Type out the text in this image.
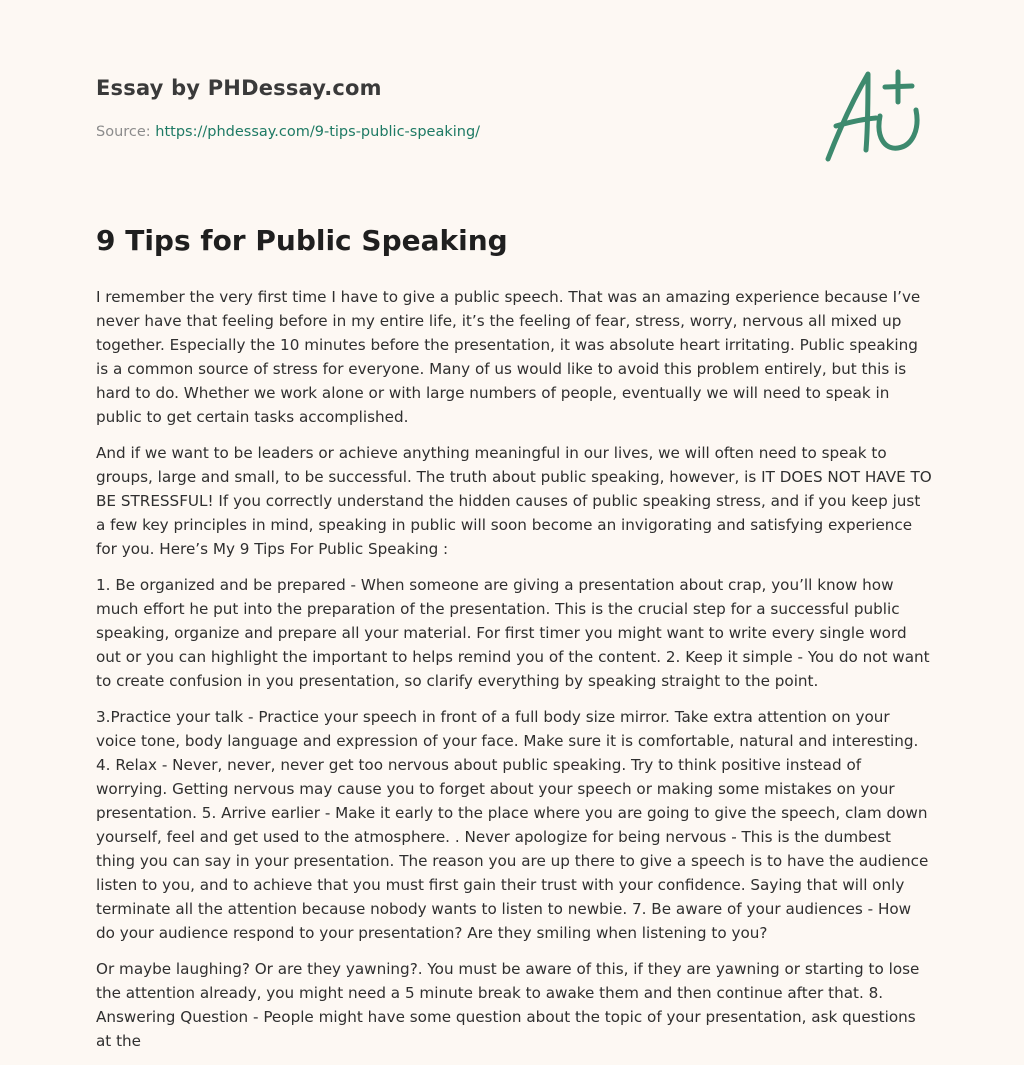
Essay by PHDessay.com
Source: https://phdessay.com/9-tips-public-speaking/
9 Tips for Public Speaking

I remember the very first time I have to give a public speech. That was an amazing experience because I’ve never have that feeling before in my entire life, it’s the feeling of fear, stress, worry, nervous all mixed up together. Especially the 10 minutes before the presentation, it was absolute heart irritating. Public speaking is a common source of stress for everyone. Many of us would like to avoid this problem entirely, but this is hard to do. Whether we work alone or with large numbers of people, eventually we will need to speak in public to get certain tasks accomplished.

And if we want to be leaders or achieve anything meaningful in our lives, we will often need to speak to groups, large and small, to be successful. The truth about public speaking, however, is IT DOES NOT HAVE TO BE STRESSFUL! If you correctly understand the hidden causes of public speaking stress, and if you keep just a few key principles in mind, speaking in public will soon become an invigorating and satisfying experience for you. Here’s My 9 Tips For Public Speaking :

1. Be organized and be prepared - When someone are giving a presentation about crap, you’ll know how much effort he put into the preparation of the presentation. This is the crucial step for a successful public speaking, organize and prepare all your material. For first timer you might want to write every single word out or you can highlight the important to helps remind you of the content. 2. Keep it simple - You do not want to create confusion in you presentation, so clarify everything by speaking straight to the point.

3.Practice your talk - Practice your speech in front of a full body size mirror. Take extra attention on your voice tone, body language and expression of your face. Make sure it is comfortable, natural and interesting. 4. Relax - Never, never, never get too nervous about public speaking. Try to think positive instead of worrying. Getting nervous may cause you to forget about your speech or making some mistakes on your presentation. 5. Arrive earlier - Make it early to the place where you are going to give the speech, clam down yourself, feel and get used to the atmosphere. . Never apologize for being nervous - This is the dumbest thing you can say in your presentation. The reason you are up there to give a speech is to have the audience listen to you, and to achieve that you must first gain their trust with your confidence. Saying that will only terminate all the attention because nobody wants to listen to newbie. 7. Be aware of your audiences - How do your audience respond to your presentation? Are they smiling when listening to you?

Or maybe laughing? Or are they yawning?. You must be aware of this, if they are yawning or starting to lose the attention already, you might need a 5 minute break to awake them and then continue after that. 8. Answering Question - People might have some question about the topic of your presentation, ask questions at the
